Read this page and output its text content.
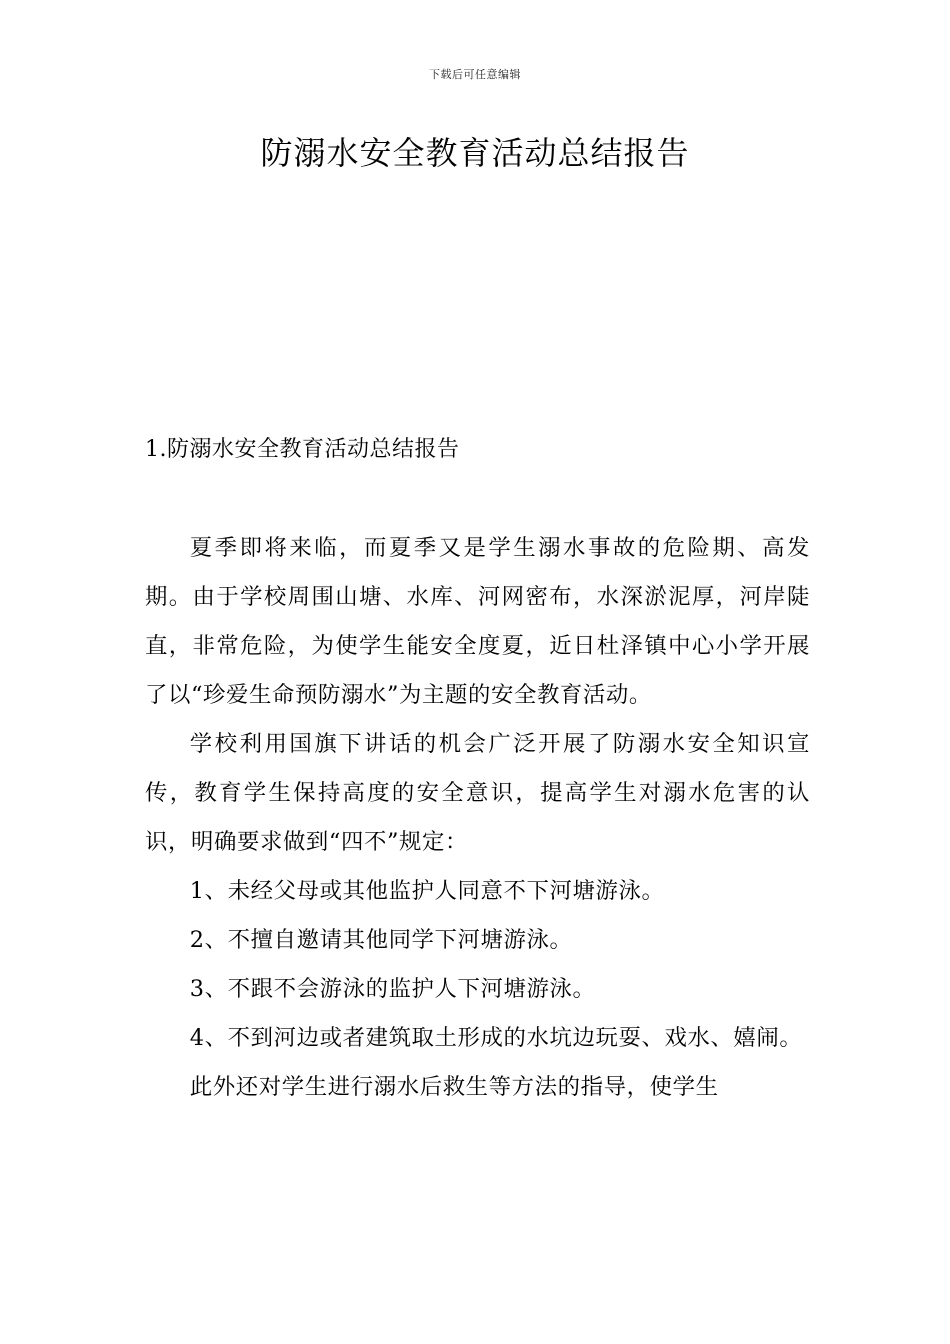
下载后可任意编辑
防溺水安全教育活动总结报告
1.防溺水安全教育活动总结报告

夏季即将来临，而夏季又是学生溺水事故的危险期、高发期。由于学校周围山塘、水库、河网密布，水深淤泥厚，河岸陡直，非常危险，为使学生能安全度夏，近日杜泽镇中心小学开展了以“珍爱生命预防溺水”为主题的安全教育活动。

学校利用国旗下讲话的机会广泛开展了防溺水安全知识宣传，教育学生保持高度的安全意识，提高学生对溺水危害的认识，明确要求做到“四不”规定：

1、未经父母或其他监护人同意不下河塘游泳。

2、不擅自邀请其他同学下河塘游泳。

3、不跟不会游泳的监护人下河塘游泳。

4、不到河边或者建筑取土形成的水坑边玩耍、戏水、嬉闹。

此外还对学生进行溺水后救生等方法的指导，使学生
